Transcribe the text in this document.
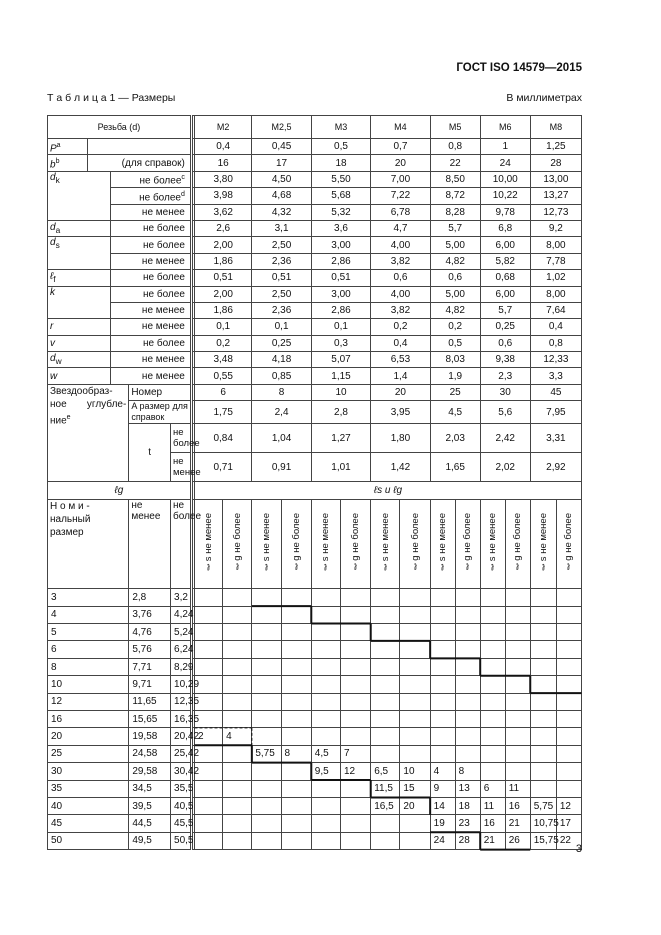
ГОСТ ISO 14579—2015
Т а б л и ц а 1 — Размеры	В миллиметрах
Резьба (d)						M2		M2,5		M3		M4		M5		M6		M8	
$P^a$						0,4		0,45		0,5		0,7		0,8		1		1,25	
$b^b$	(для справок)					16		17		18		20		22		24		28	
$d_k$		не более$^c$				3,80		4,50		5,50		7,00		8,50		10,00		13,00	
		не более$^d$				3,98		4,68		5,68		7,22		8,72		10,22		13,27	
		не менее				3,62		4,32		5,32		6,78		8,28		9,78		12,73	
$d_a$		не более				2,6		3,1		3,6		4,7		5,7		6,8		9,2	
$d_s$		не более				2,00		2,50		3,00		4,00		5,00		6,00		8,00	
		не менее				1,86		2,36		2,86		3,82		4,82		5,82		7,78	
ℓ$_f$		не более				0,51		0,51		0,51		0,6		0,6		0,68		1,02	
k		не более				2,00		2,50		3,00		4,00		5,00		6,00		8,00	
		не менее				1,86		2,36		2,86		3,82		4,82		5,7		7,64	
r		не менее				0,1		0,1		0,1		0,2		0,2		0,25		0,4	
v		не более				0,2		0,25		0,3		0,4		0,5		0,6		0,8	
$d_w$		не менее				3,48		4,18		5,07		6,53		8,03		9,38		12,33	
w		не менее				0,55		0,85		1,15		1,4		1,9		2,3		3,3	
Звездообраз-ное углубле-ние$^e$			Номер			6		8		10		20		25		30		45	
			A размер для справок			1,75		2,4		2,8		3,95		4,5		5,6		7,95	
			t	не более		0,84		1,04		1,27		1,80		2,03		2,42		3,31	
				не менее		0,71		0,91		1,01		1,42		1,65		2,02		2,92	
ℓg						ℓs и ℓg													
Н о м и - нальный размер			не менее	не более		ℓs не менее	ℓg не более	ℓs не менее	ℓg не более	ℓs не менее	ℓg не более	ℓs не менее	ℓg не более	ℓs не менее	ℓg не более	ℓs не менее	ℓg не более	ℓs не менее	ℓg не более
3			2,8	3,2															
4			3,76	4,24															
5			4,76	5,24															
6			5,76	6,24															
8			7,71	8,29															
10			9,71	10,29															
12			11,65	12,35															
16			15,65	16,35															
20			19,58	20,42		2	4												
25			24,58	25,42				5,75	8	4,5	7								
30			29,58	30,42						9,5	12	6,5	10	4	8				
35			34,5	35,5								11,5	15	9	13	6	11		
40			39,5	40,5								16,5	20	14	18	11	16	5,75	12
45			44,5	45,5										19	23	16	21	10,75	17
50			49,5	50,5										24	28	21	26	15,75	22
3
